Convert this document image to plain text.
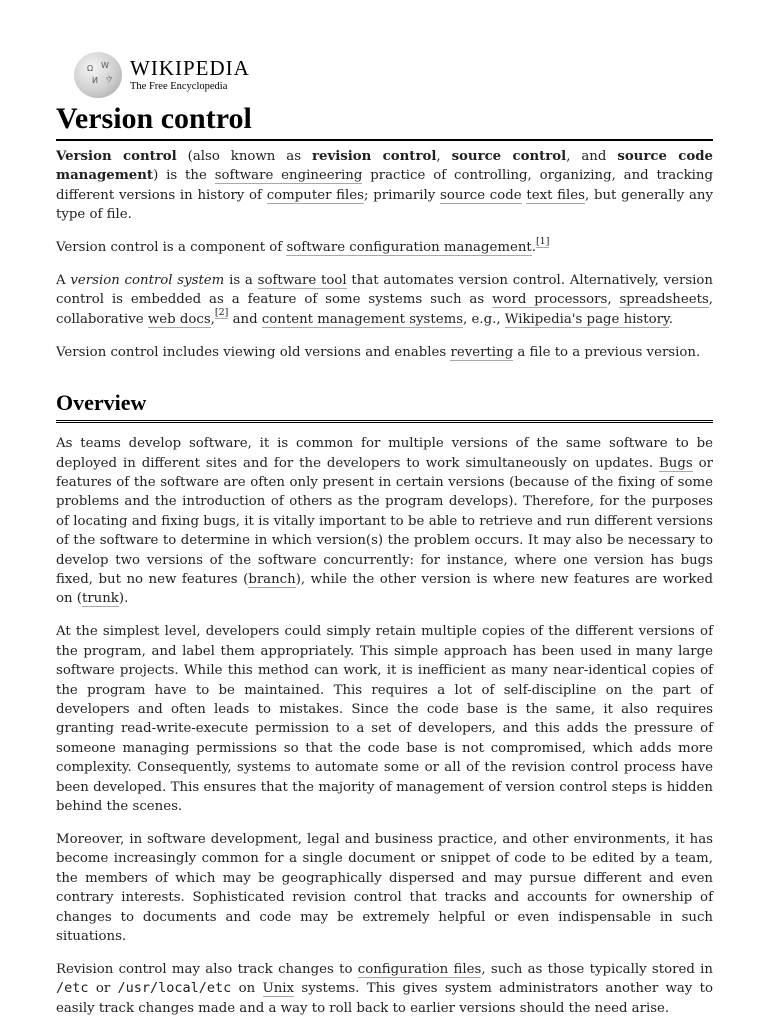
Ω W
И ウ WIKIPEDIA
The Free Encyclopedia
Version control

Version control (also known as revision control, source control, and source code management) is the software engineering practice of controlling, organizing, and tracking different versions in history of computer files; primarily source code text files, but generally any type of file.

Version control is a component of software configuration management.[1]

A version control system is a software tool that automates version control. Alternatively, version control is embedded as a feature of some systems such as word processors, spreadsheets, collaborative web docs,[2] and content management systems, e.g., Wikipedia's page history.

Version control includes viewing old versions and enables reverting a file to a previous version.

Overview

As teams develop software, it is common for multiple versions of the same software to be deployed in different sites and for the developers to work simultaneously on updates. Bugs or features of the software are often only present in certain versions (because of the fixing of some problems and the introduction of others as the program develops). Therefore, for the purposes of locating and fixing bugs, it is vitally important to be able to retrieve and run different versions of the software to determine in which version(s) the problem occurs. It may also be necessary to develop two versions of the software concurrently: for instance, where one version has bugs fixed, but no new features (branch), while the other version is where new features are worked on (trunk).

At the simplest level, developers could simply retain multiple copies of the different versions of the program, and label them appropriately. This simple approach has been used in many large software projects. While this method can work, it is inefficient as many near-identical copies of the program have to be maintained. This requires a lot of self-discipline on the part of developers and often leads to mistakes. Since the code base is the same, it also requires granting read-write-execute permission to a set of developers, and this adds the pressure of someone managing permissions so that the code base is not compromised, which adds more complexity. Consequently, systems to automate some or all of the revision control process have been developed. This ensures that the majority of management of version control steps is hidden behind the scenes.

Moreover, in software development, legal and business practice, and other environments, it has become increasingly common for a single document or snippet of code to be edited by a team, the members of which may be geographically dispersed and may pursue different and even contrary interests. Sophisticated revision control that tracks and accounts for ownership of changes to documents and code may be extremely helpful or even indispensable in such situations.

Revision control may also track changes to configuration files, such as those typically stored in /etc or /usr/local/etc on Unix systems. This gives system administrators another way to easily track changes made and a way to roll back to earlier versions should the need arise.
